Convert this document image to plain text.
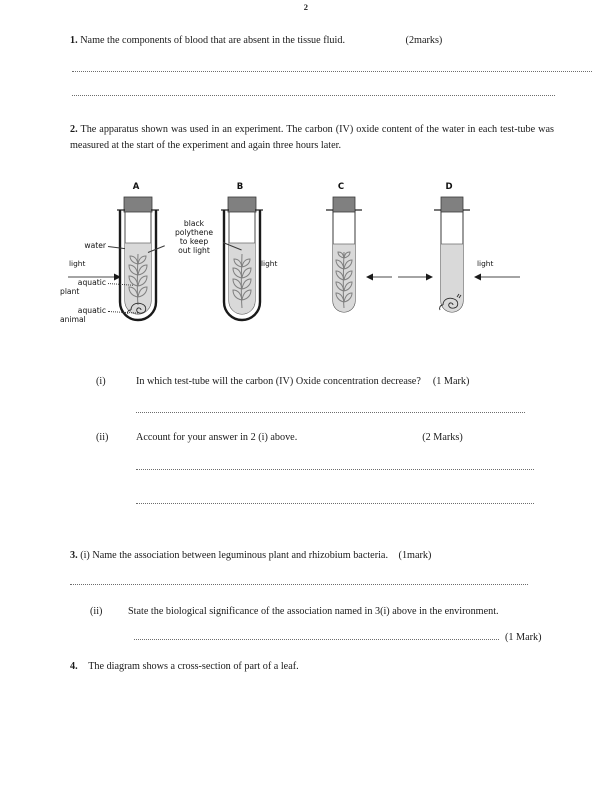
2
1. Name the components of blood that are absent in the tissue fluid.	(2marks)
2. The apparatus shown was used in an experiment. The carbon (IV) oxide content of the water in each test-tube was measured at the start of the experiment and again three hours later.
A	B	C	D
water
aquatic
plant
aquatic
animal
black
polythene
to keep
out light
light	light	light
(i)	In which test-tube will the carbon (IV) Oxide concentration decrease? (1 Mark)
(ii)	Account for your answer in 2 (i) above.	(2 Marks)
3. (i) Name the association between leguminous plant and rhizobium bacteria. (1mark)
(ii)	State the biological significance of the association named in 3(i) above in the environment.
(1 Mark)
4. The diagram shows a cross-section of part of a leaf.
